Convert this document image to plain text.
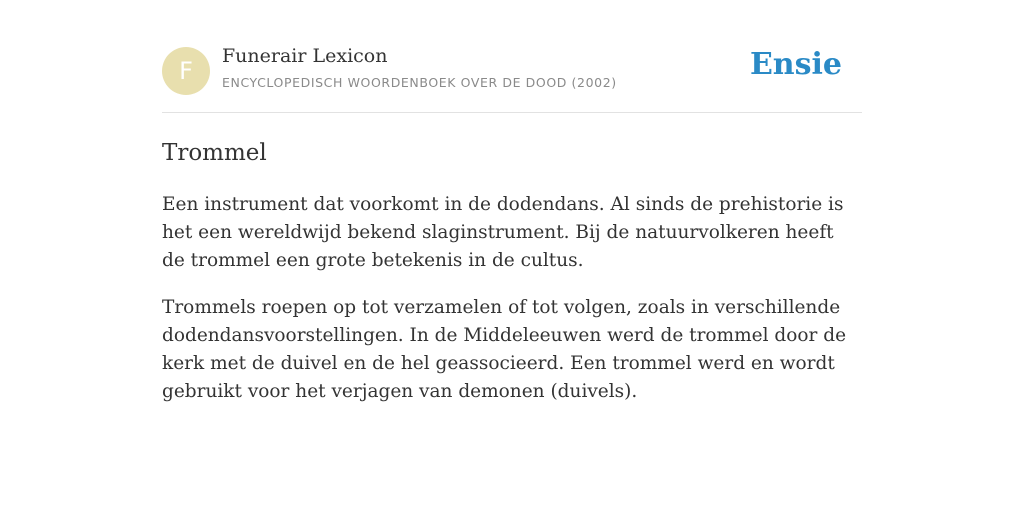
F
Funerair Lexicon
ENCYCLOPEDISCH WOORDENBOEK OVER DE DOOD (2002)
Ensie
Trommel

Een instrument dat voorkomt in de dodendans. Al sinds de prehistorie is het een wereldwijd bekend slaginstrument. Bij de natuurvolkeren heeft de trommel een grote betekenis in de cultus.

Trommels roepen op tot verzamelen of tot volgen, zoals in verschillende dodendansvoorstellingen. In de Middeleeuwen werd de trommel door de kerk met de duivel en de hel geassocieerd. Een trommel werd en wordt gebruikt voor het verjagen van demonen (duivels).
